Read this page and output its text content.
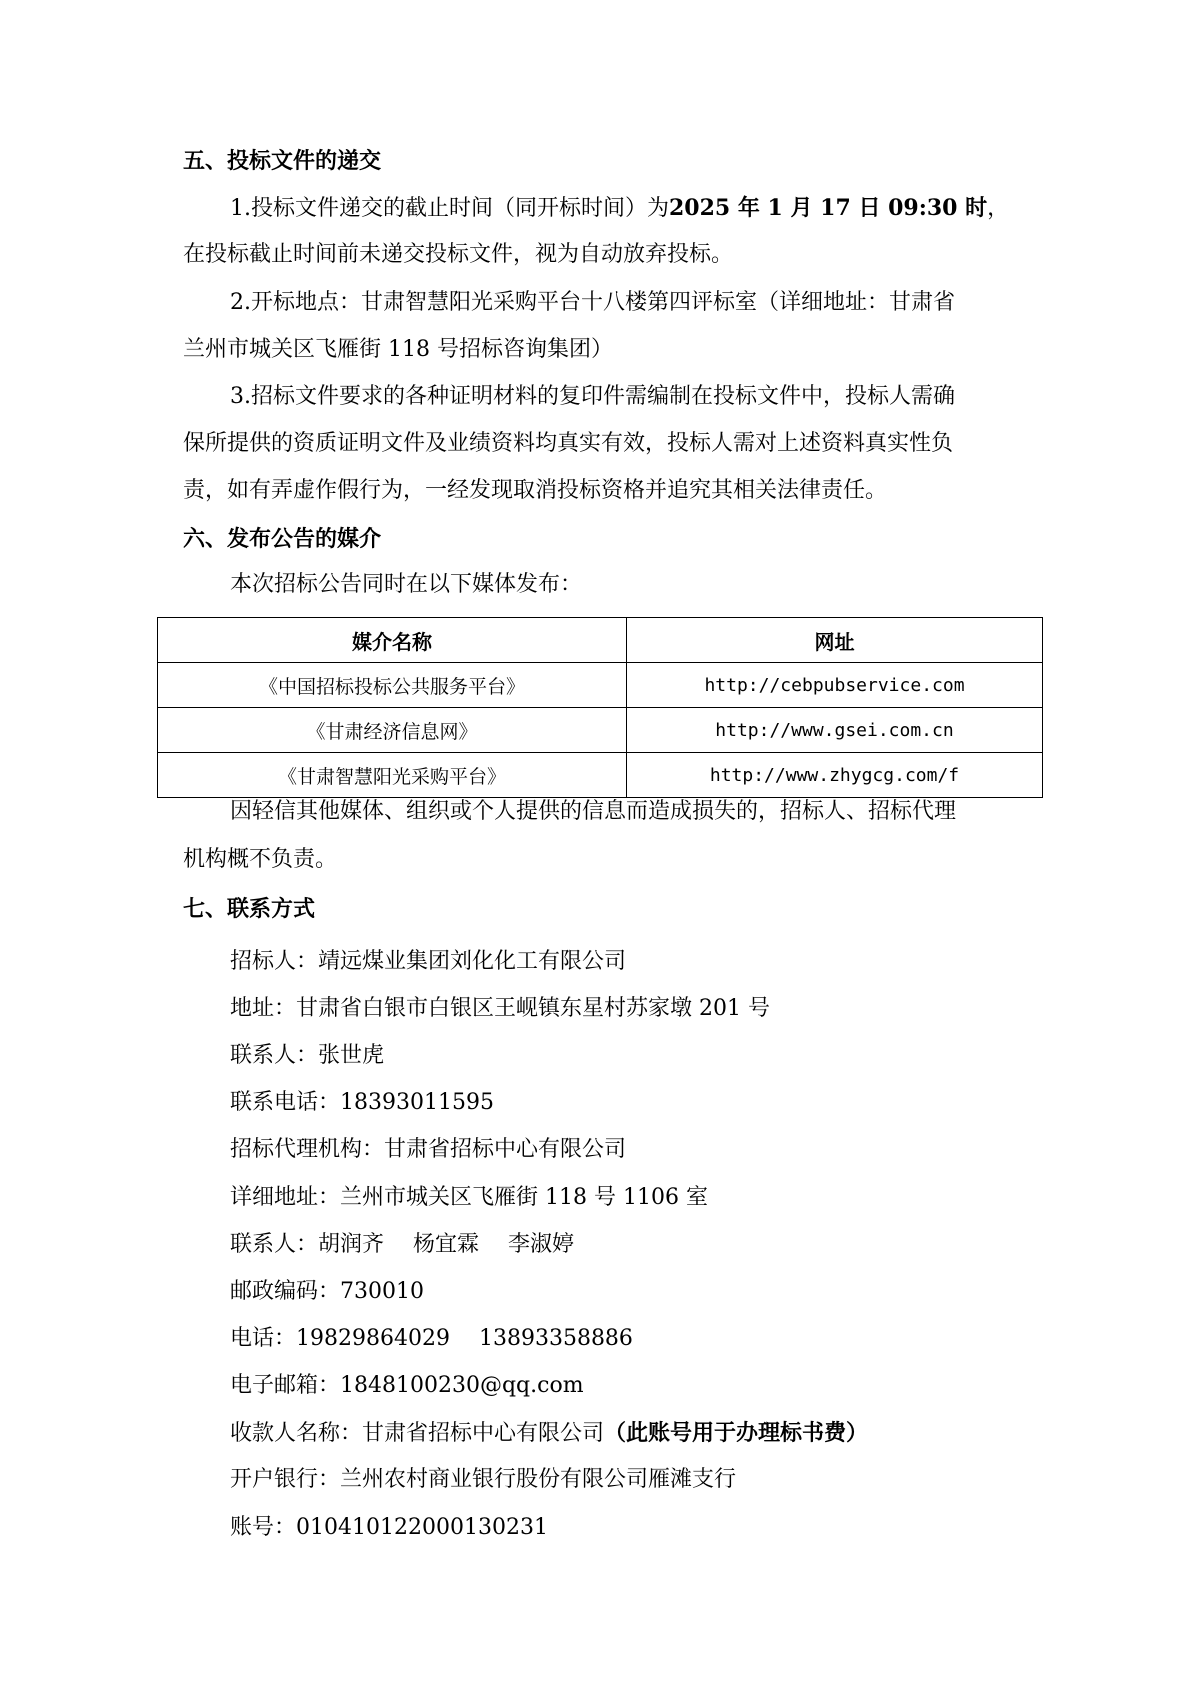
五、投标文件的递交
1.投标文件递交的截止时间（同开标时间）为2025 年 1 月 17 日 09:30 时，
在投标截止时间前未递交投标文件，视为自动放弃投标。
2.开标地点：甘肃智慧阳光采购平台十八楼第四评标室（详细地址：甘肃省
兰州市城关区飞雁街 118 号招标咨询集团）
3.招标文件要求的各种证明材料的复印件需编制在投标文件中，投标人需确
保所提供的资质证明文件及业绩资料均真实有效，投标人需对上述资料真实性负
责，如有弄虚作假行为，一经发现取消投标资格并追究其相关法律责任。
六、发布公告的媒介
本次招标公告同时在以下媒体发布：
媒介名称	网址
《中国招标投标公共服务平台》	http://cebpubservice.com
《甘肃经济信息网》	http://www.gsei.com.cn
《甘肃智慧阳光采购平台》	http://www.zhygcg.com/f
因轻信其他媒体、组织或个人提供的信息而造成损失的，招标人、招标代理
机构概不负责。
七、联系方式
招标人：靖远煤业集团刘化化工有限公司
地址：甘肃省白银市白银区王岘镇东星村苏家墩 201 号
联系人：张世虎
联系电话：18393011595
招标代理机构：甘肃省招标中心有限公司
详细地址：兰州市城关区飞雁街 118 号 1106 室
联系人：胡润齐　 杨宜霖　 李淑婷
邮政编码：730010
电话：19829864029　 13893358886
电子邮箱：1848100230@qq.com
收款人名称：甘肃省招标中心有限公司（此账号用于办理标书费）
开户银行：兰州农村商业银行股份有限公司雁滩支行
账号：010410122000130231
